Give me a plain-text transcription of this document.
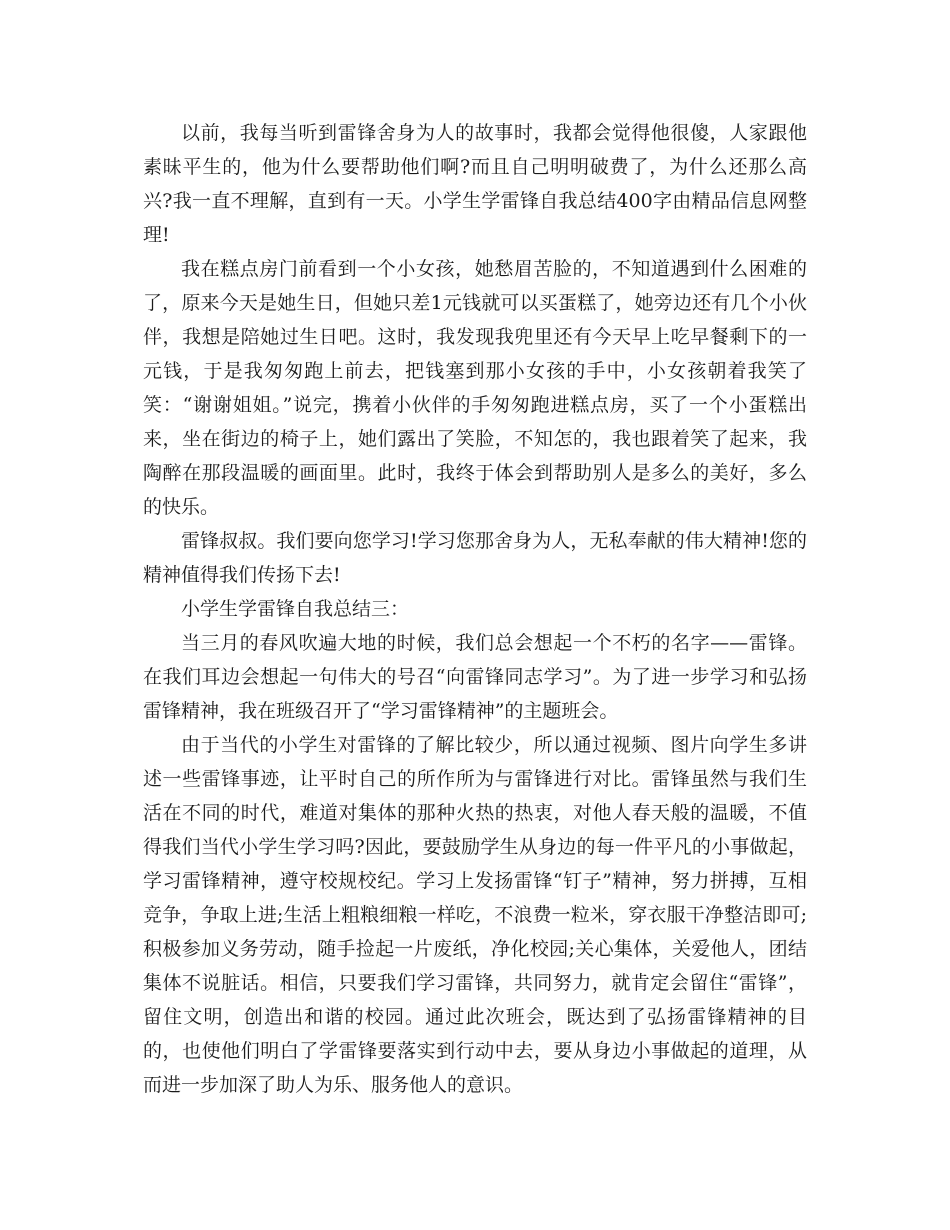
以前，我每当听到雷锋舍身为人的故事时，我都会觉得他很傻，人家跟他素昧平生的，他为什么要帮助他们啊?而且自己明明破费了，为什么还那么高兴?我一直不理解，直到有一天。小学生学雷锋自我总结400字由精品信息网整理!

我在糕点房门前看到一个小女孩，她愁眉苦脸的，不知道遇到什么困难的了，原来今天是她生日，但她只差1元钱就可以买蛋糕了，她旁边还有几个小伙伴，我想是陪她过生日吧。这时，我发现我兜里还有今天早上吃早餐剩下的一元钱，于是我匆匆跑上前去，把钱塞到那小女孩的手中，小女孩朝着我笑了笑：“谢谢姐姐。”说完，携着小伙伴的手匆匆跑进糕点房，买了一个小蛋糕出来，坐在街边的椅子上，她们露出了笑脸，不知怎的，我也跟着笑了起来，我陶醉在那段温暖的画面里。此时，我终于体会到帮助别人是多么的美好，多么的快乐。

雷锋叔叔。我们要向您学习!学习您那舍身为人，无私奉献的伟大精神!您的精神值得我们传扬下去!

小学生学雷锋自我总结三：

当三月的春风吹遍大地的时候，我们总会想起一个不朽的名字——雷锋。在我们耳边会想起一句伟大的号召“向雷锋同志学习”。为了进一步学习和弘扬雷锋精神，我在班级召开了“学习雷锋精神”的主题班会。

由于当代的小学生对雷锋的了解比较少，所以通过视频、图片向学生多讲述一些雷锋事迹，让平时自己的所作所为与雷锋进行对比。雷锋虽然与我们生活在不同的时代，难道对集体的那种火热的热衷，对他人春天般的温暖，不值得我们当代小学生学习吗?因此，要鼓励学生从身边的每一件平凡的小事做起，学习雷锋精神，遵守校规校纪。学习上发扬雷锋“钉子”精神，努力拼搏，互相竞争，争取上进;生活上粗粮细粮一样吃，不浪费一粒米，穿衣服干净整洁即可;积极参加义务劳动，随手捡起一片废纸，净化校园;关心集体，关爱他人，团结集体不说脏话。相信，只要我们学习雷锋，共同努力，就肯定会留住“雷锋”，留住文明，创造出和谐的校园。通过此次班会，既达到了弘扬雷锋精神的目的，也使他们明白了学雷锋要落实到行动中去，要从身边小事做起的道理，从而进一步加深了助人为乐、服务他人的意识。
